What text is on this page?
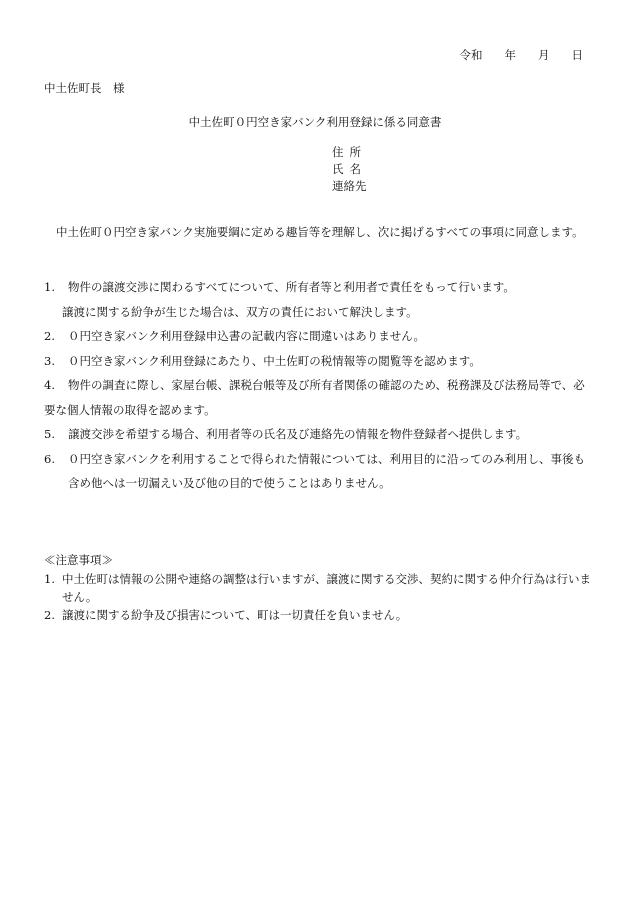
令和 年 月 日
中土佐町長　様
中土佐町０円空き家バンク利用登録に係る同意書
住所
氏名
連絡先
中土佐町０円空き家バンク実施要綱に定める趣旨等を理解し、次に掲げるすべての事項に同意します。
1.	物件の譲渡交渉に関わるすべてについて、所有者等と利用者で責任をもって行います。
譲渡に関する紛争が生じた場合は、双方の責任において解決します。
2.	０円空き家バンク利用登録申込書の記載内容に間違いはありません。
3.	０円空き家バンク利用登録にあたり、中土佐町の税情報等の閲覧等を認めます。
4.	物件の調査に際し、家屋台帳、課税台帳等及び所有者関係の確認のため、税務課及び法務局等で、必要な個人情報の取得を認めます。
5.	譲渡交渉を希望する場合、利用者等の氏名及び連絡先の情報を物件登録者へ提供します。
6.	０円空き家バンクを利用することで得られた情報については、利用目的に沿ってのみ利用し、事後も含め他へは一切漏えい及び他の目的で使うことはありません。
≪注意事項≫
1. 中土佐町は情報の公開や連絡の調整は行いますが、譲渡に関する交渉、契約に関する仲介行為は行いません。
2. 譲渡に関する紛争及び損害について、町は一切責任を負いません。
